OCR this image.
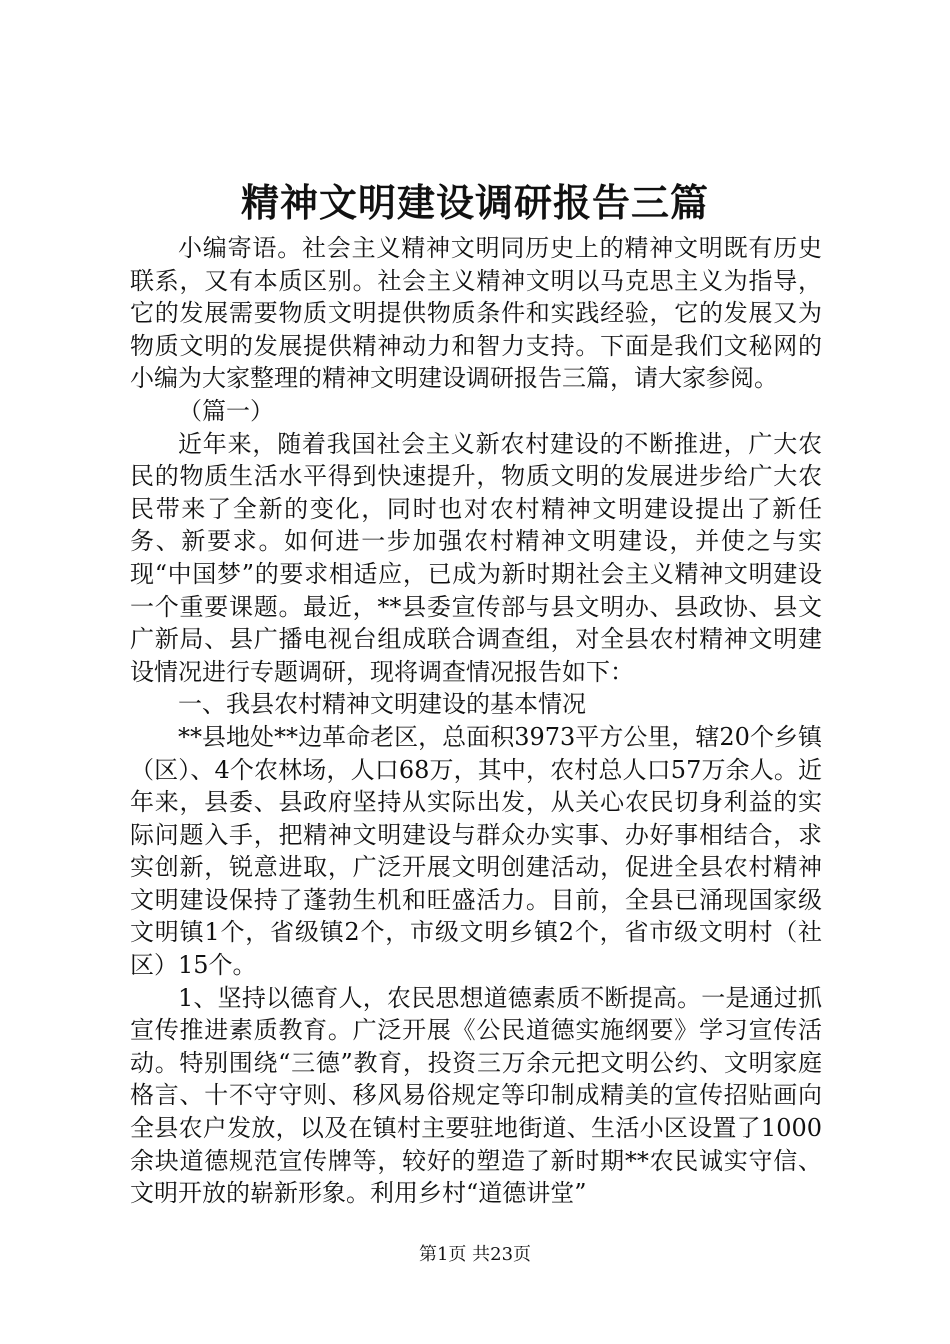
精神文明建设调研报告三篇

小编寄语。社会主义精神文明同历史上的精神文明既有历史联系，又有本质区别。社会主义精神文明以马克思主义为指导，它的发展需要物质文明提供物质条件和实践经验，它的发展又为物质文明的发展提供精神动力和智力支持。下面是我们文秘网的小编为大家整理的精神文明建设调研报告三篇，请大家参阅。

（篇一）

近年来，随着我国社会主义新农村建设的不断推进，广大农民的物质生活水平得到快速提升，物质文明的发展进步给广大农民带来了全新的变化，同时也对农村精神文明建设提出了新任务、新要求。如何进一步加强农村精神文明建设，并使之与实现“中国梦”的要求相适应，已成为新时期社会主义精神文明建设一个重要课题。最近，**县委宣传部与县文明办、县政协、县文广新局、县广播电视台组成联合调查组，对全县农村精神文明建设情况进行专题调研，现将调查情况报告如下：

一、我县农村精神文明建设的基本情况

**县地处**边革命老区，总面积3973平方公里，辖20个乡镇（区）、4个农林场，人口68万，其中，农村总人口57万余人。近年来，县委、县政府坚持从实际出发，从关心农民切身利益的实际问题入手，把精神文明建设与群众办实事、办好事相结合，求实创新，锐意进取，广泛开展文明创建活动，促进全县农村精神文明建设保持了蓬勃生机和旺盛活力。目前，全县已涌现国家级文明镇1个，省级镇2个，市级文明乡镇2个，省市级文明村（社区）15个。

1、坚持以德育人，农民思想道德素质不断提高。一是通过抓宣传推进素质教育。广泛开展《公民道德实施纲要》学习宣传活动。特别围绕“三德”教育，投资三万余元把文明公约、文明家庭格言、十不守守则、移风易俗规定等印制成精美的宣传招贴画向全县农户发放，以及在镇村主要驻地街道、生活小区设置了1000余块道德规范宣传牌等，较好的塑造了新时期**农民诚实守信、文明开放的崭新形象。利用乡村“道德讲堂”

第1页 共23页
